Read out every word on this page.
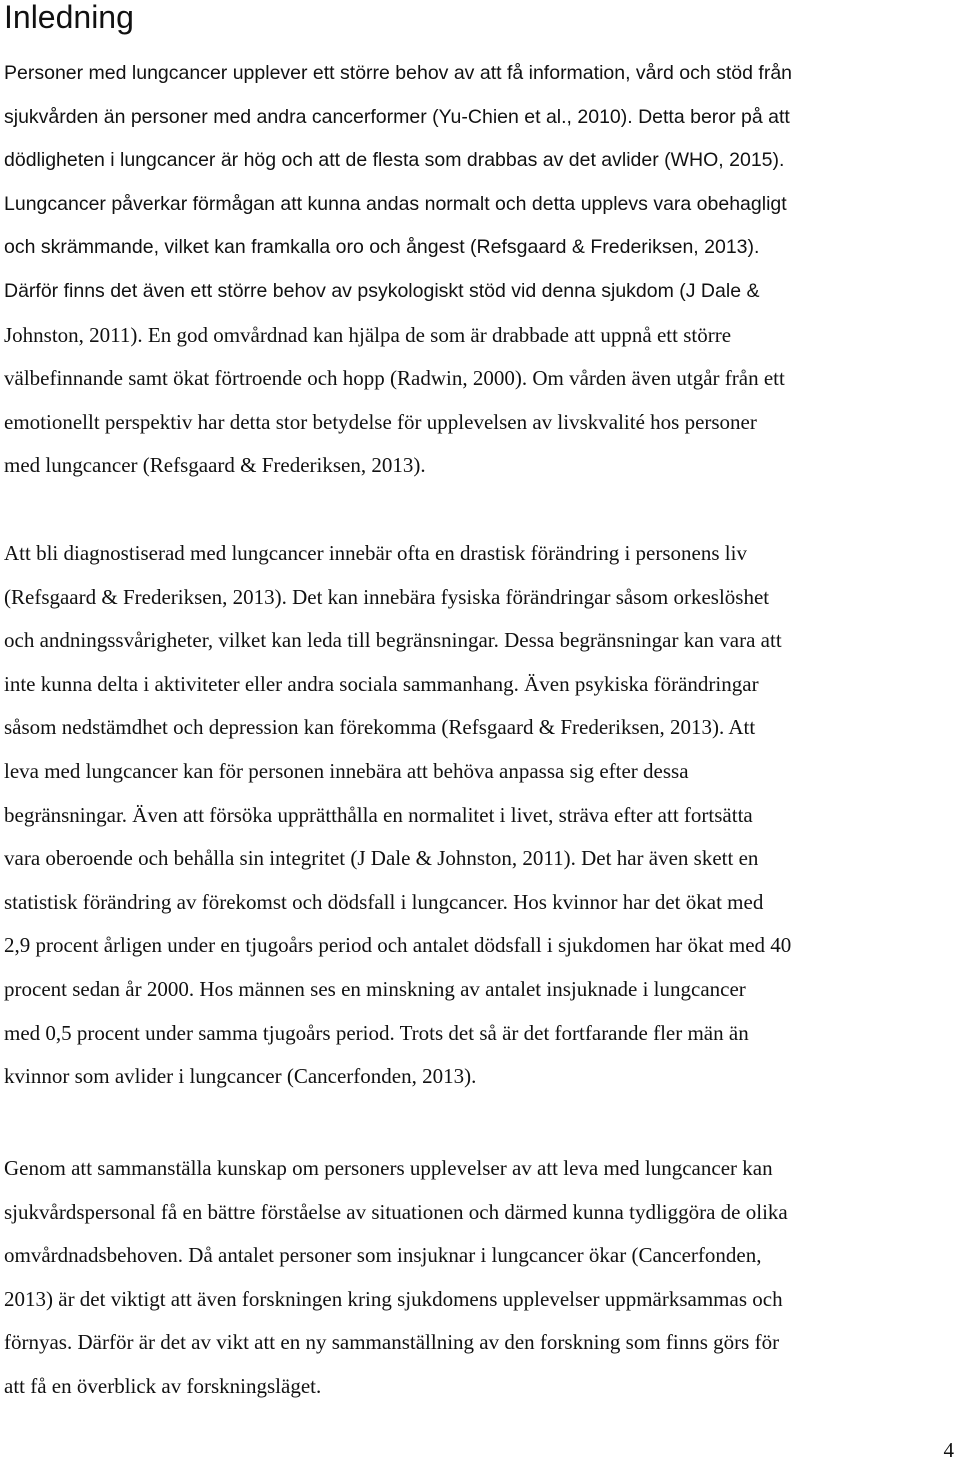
Inledning
Personer med lungcancer upplever ett större behov av att få information, vård och stöd från
sjukvården än personer med andra cancerformer (Yu-Chien et al., 2010). Detta beror på att
dödligheten i lungcancer är hög och att de flesta som drabbas av det avlider (WHO, 2015).
Lungcancer påverkar förmågan att kunna andas normalt och detta upplevs vara obehagligt
och skrämmande, vilket kan framkalla oro och ångest (Refsgaard & Frederiksen, 2013).
Därför finns det även ett större behov av psykologiskt stöd vid denna sjukdom (J Dale &
Johnston, 2011). En god omvårdnad kan hjälpa de som är drabbade att uppnå ett större
välbefinnande samt ökat förtroende och hopp (Radwin, 2000). Om vården även utgår från ett
emotionellt perspektiv har detta stor betydelse för upplevelsen av livskvalité hos personer
med lungcancer (Refsgaard & Frederiksen, 2013).
Att bli diagnostiserad med lungcancer innebär ofta en drastisk förändring i personens liv
(Refsgaard & Frederiksen, 2013). Det kan innebära fysiska förändringar såsom orkeslöshet
och andningssvårigheter, vilket kan leda till begränsningar. Dessa begränsningar kan vara att
inte kunna delta i aktiviteter eller andra sociala sammanhang. Även psykiska förändringar
såsom nedstämdhet och depression kan förekomma (Refsgaard & Frederiksen, 2013). Att
leva med lungcancer kan för personen innebära att behöva anpassa sig efter dessa
begränsningar. Även att försöka upprätthålla en normalitet i livet, sträva efter att fortsätta
vara oberoende och behålla sin integritet (J Dale & Johnston, 2011). Det har även skett en
statistisk förändring av förekomst och dödsfall i lungcancer. Hos kvinnor har det ökat med
2,9 procent årligen under en tjugoårs period och antalet dödsfall i sjukdomen har ökat med 40
procent sedan år 2000. Hos männen ses en minskning av antalet insjuknade i lungcancer
med 0,5 procent under samma tjugoårs period. Trots det så är det fortfarande fler män än
kvinnor som avlider i lungcancer (Cancerfonden, 2013).
Genom att sammanställa kunskap om personers upplevelser av att leva med lungcancer kan
sjukvårdspersonal få en bättre förståelse av situationen och därmed kunna tydliggöra de olika
omvårdnadsbehoven. Då antalet personer som insjuknar i lungcancer ökar (Cancerfonden,
2013) är det viktigt att även forskningen kring sjukdomens upplevelser uppmärksammas och
förnyas. Därför är det av vikt att en ny sammanställning av den forskning som finns görs för
att få en överblick av forskningsläget.

4
